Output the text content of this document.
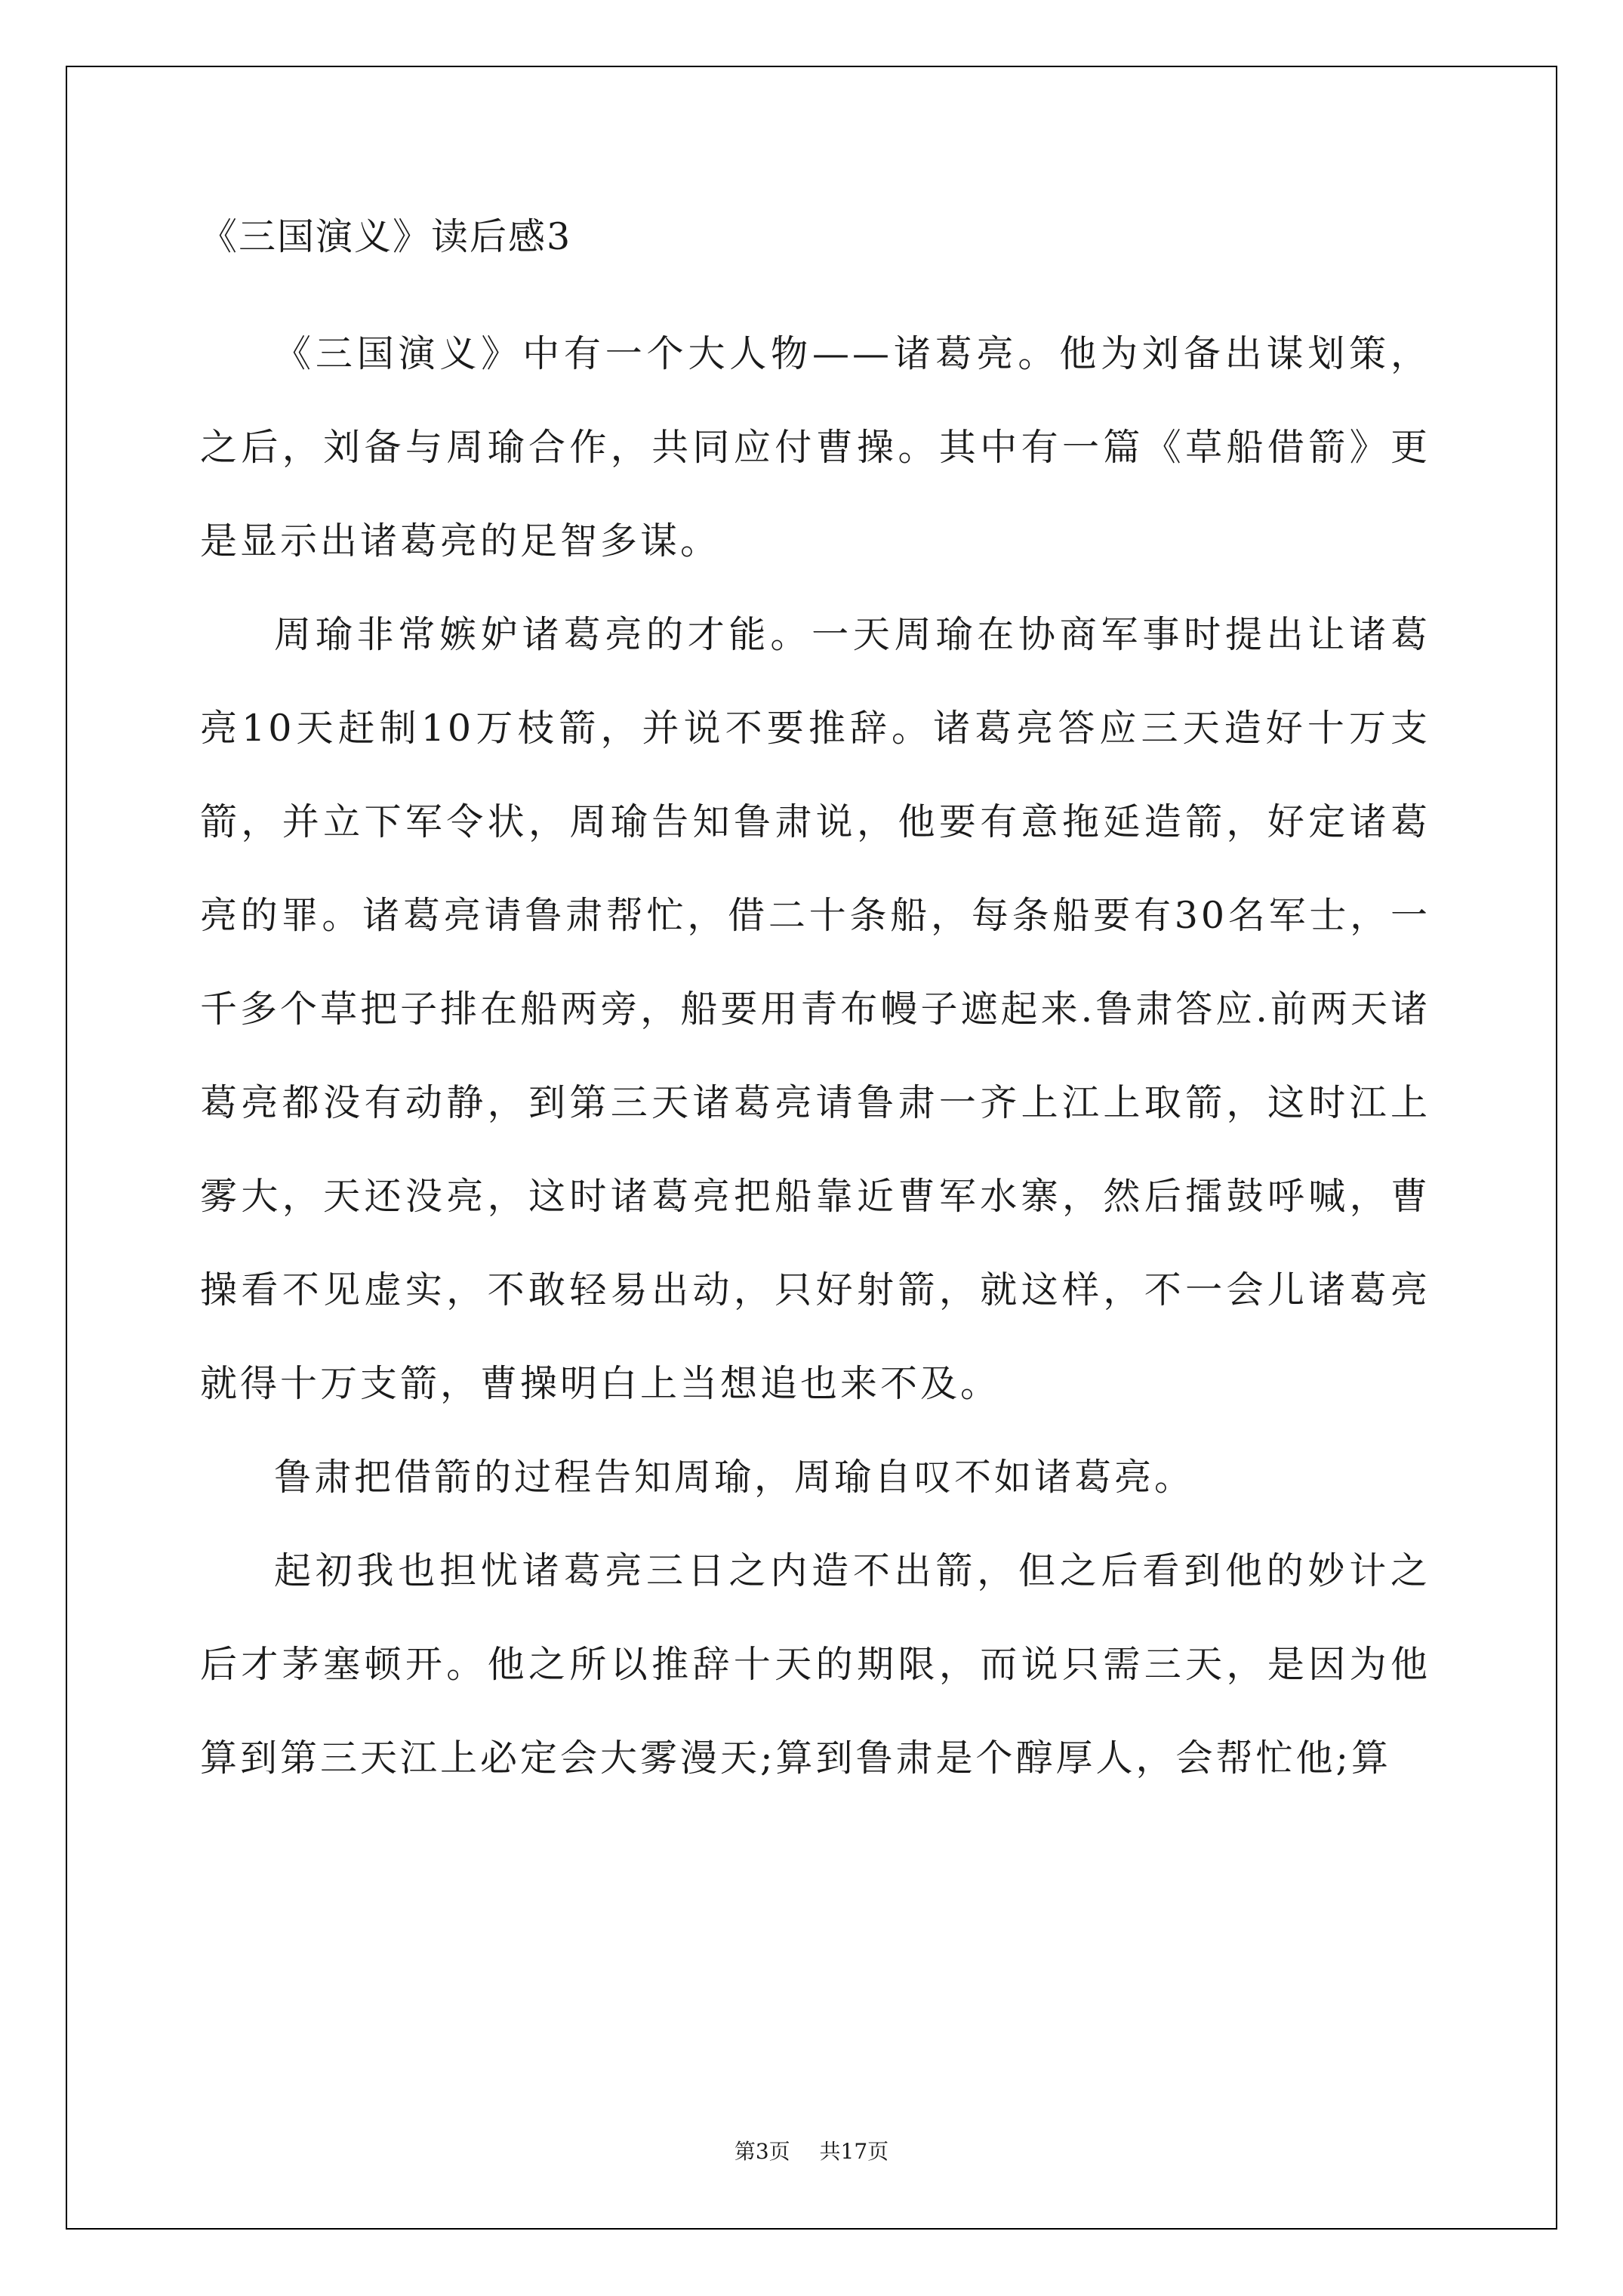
《三国演义》读后感3

《三国演义》中有一个大人物——诸葛亮。他为刘备出谋划策，之后，刘备与周瑜合作，共同应付曹操。其中有一篇《草船借箭》更是显示出诸葛亮的足智多谋。

周瑜非常嫉妒诸葛亮的才能。一天周瑜在协商军事时提出让诸葛亮10天赶制10万枝箭，并说不要推辞。诸葛亮答应三天造好十万支箭，并立下军令状，周瑜告知鲁肃说，他要有意拖延造箭，好定诸葛亮的罪。诸葛亮请鲁肃帮忙，借二十条船，每条船要有30名军士，一千多个草把子排在船两旁，船要用青布幔子遮起来.鲁肃答应.前两天诸葛亮都没有动静，到第三天诸葛亮请鲁肃一齐上江上取箭，这时江上雾大，天还没亮，这时诸葛亮把船靠近曹军水寨，然后擂鼓呼喊，曹操看不见虚实，不敢轻易出动，只好射箭，就这样，不一会儿诸葛亮就得十万支箭，曹操明白上当想追也来不及。

鲁肃把借箭的过程告知周瑜，周瑜自叹不如诸葛亮。

起初我也担忧诸葛亮三日之内造不出箭，但之后看到他的妙计之后才茅塞顿开。他之所以推辞十天的期限，而说只需三天，是因为他算到第三天江上必定会大雾漫天;算到鲁肃是个醇厚人，会帮忙他;算

第3页 共17页
